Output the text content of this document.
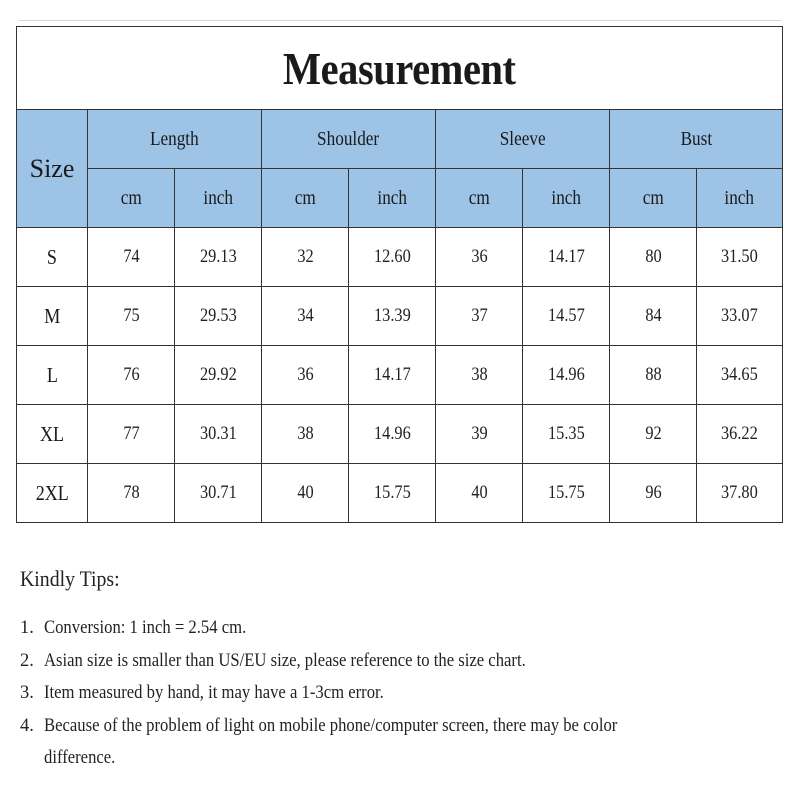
Measurement								
Size	Length		Shoulder		Sleeve		Bust	
	cm	inch	cm	inch	cm	inch	cm	inch
S	74	29.13	32	12.60	36	14.17	80	31.50
M	75	29.53	34	13.39	37	14.57	84	33.07
L	76	29.92	36	14.17	38	14.96	88	34.65
XL	77	30.31	38	14.96	39	15.35	92	36.22
2XL	78	30.71	40	15.75	40	15.75	96	37.80
Kindly Tips:
1. Conversion: 1 inch = 2.54 cm.
2. Asian size is smaller than US/EU size, please reference to the size chart.
3. Item measured by hand, it may have a 1-3cm error.
4. Because of the problem of light on mobile phone/computer screen, there may be color difference.
